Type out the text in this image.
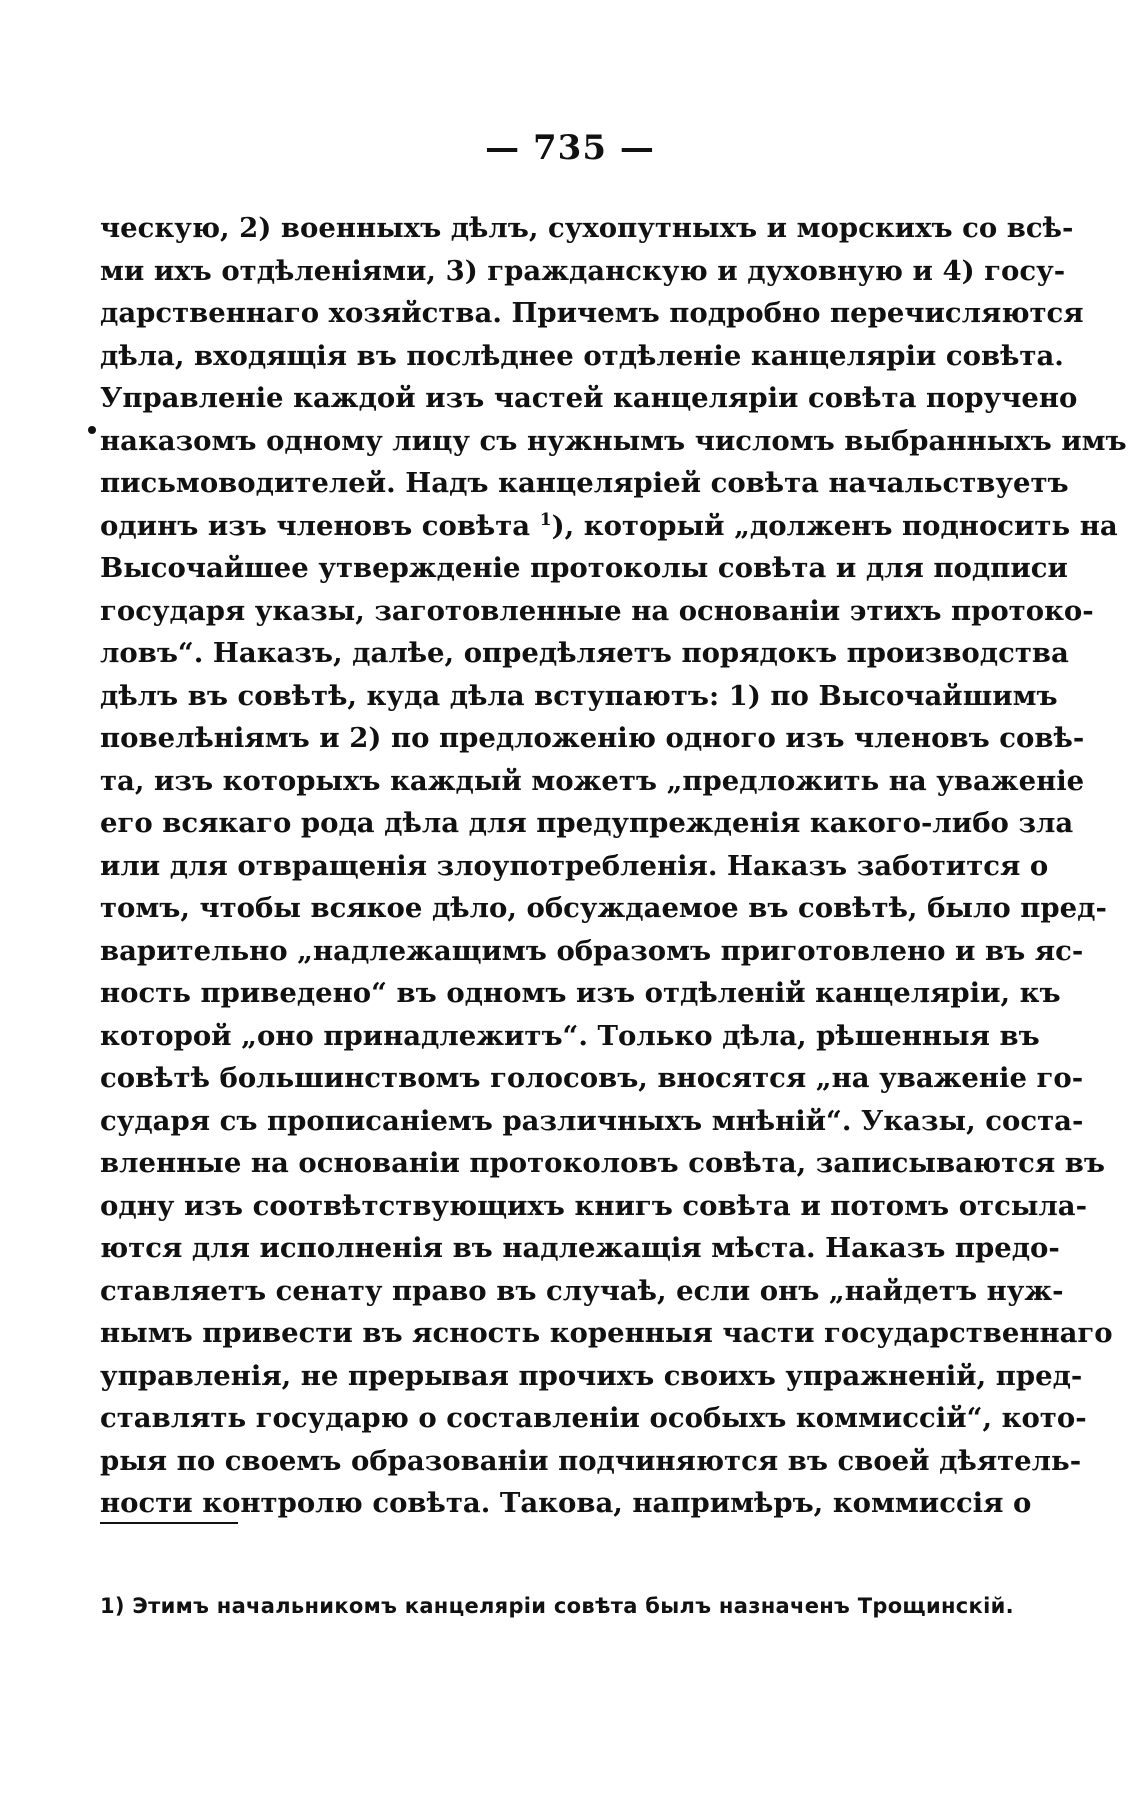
— 735 —
ческую, 2) военныхъ дѣлъ, сухопутныхъ и морскихъ со всѣ-
ми ихъ отдѣленіями, 3) гражданскую и духовную и 4) госу-
дарственнаго хозяйства. Причемъ подробно перечисляются
дѣла, входящія въ послѣднее отдѣленіе канцеляріи совѣта.
Управленіе каждой изъ частей канцеляріи совѣта поручено
наказомъ одному лицу съ нужнымъ числомъ выбранныхъ имъ
письмоводителей. Надъ канцеляріей совѣта начальствуетъ
одинъ изъ членовъ совѣта $^1$), который „долженъ подносить на
Высочайшее утвержденіе протоколы совѣта и для подписи
государя указы, заготовленные на основаніи этихъ протоко-
ловъ“. Наказъ, далѣе, опредѣляетъ порядокъ производства
дѣлъ въ совѣтѣ, куда дѣла вступаютъ: 1) по Высочайшимъ
повелѣніямъ и 2) по предложенію одного изъ членовъ совѣ-
та, изъ которыхъ каждый можетъ „предложить на уваженіе
его всякаго рода дѣла для предупрежденія какого-либо зла
или для отвращенія злоупотребленія. Наказъ заботится о
томъ, чтобы всякое дѣло, обсуждаемое въ совѣтѣ, было пред-
варительно „надлежащимъ образомъ приготовлено и въ яс-
ность приведено“ въ одномъ изъ отдѣленій канцеляріи, къ
которой „оно принадлежитъ“. Только дѣла, рѣшенныя въ
совѣтѣ большинствомъ голосовъ, вносятся „на уваженіе го-
сударя съ прописаніемъ различныхъ мнѣній“. Указы, соста-
вленные на основаніи протоколовъ совѣта, записываются въ
одну изъ соотвѣтствующихъ книгъ совѣта и потомъ отсыла-
ются для исполненія въ надлежащія мѣста. Наказъ предо-
ставляетъ сенату право въ случаѣ, если онъ „найдетъ нуж-
нымъ привести въ ясность коренныя части государственнаго
управленія, не прерывая прочихъ своихъ упражненій, пред-
ставлять государю о составленіи особыхъ коммиссій“, кото-
рыя по своемъ образованіи подчиняются въ своей дѣятель-
ности контролю совѣта. Такова, напримѣръ, коммиссія о
1) Этимъ начальникомъ канцеляріи совѣта былъ назначенъ Трощинскій.
